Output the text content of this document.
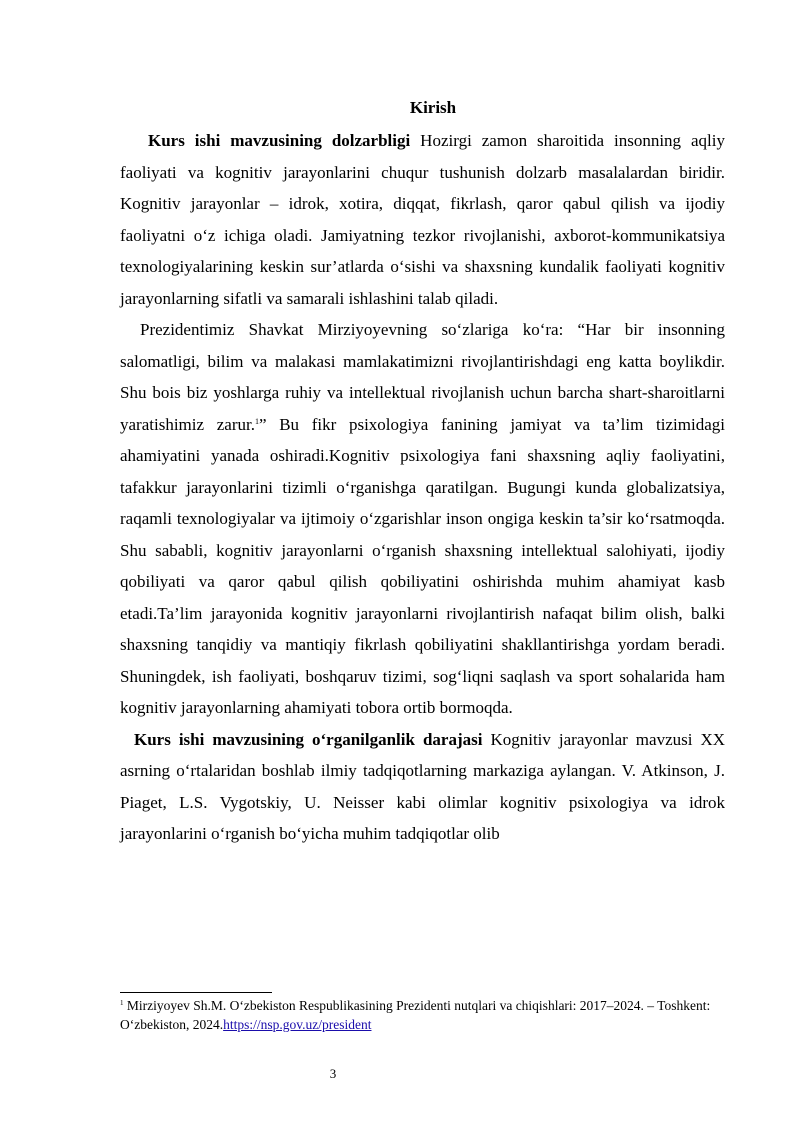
Kirish

Kurs ishi mavzusining dolzarbligi Hozirgi zamon sharoitida insonning aqliy faoliyati va kognitiv jarayonlarini chuqur tushunish dolzarb masalalardan biridir. Kognitiv jarayonlar – idrok, xotira, diqqat, fikrlash, qaror qabul qilish va ijodiy faoliyatni o‘z ichiga oladi. Jamiyatning tezkor rivojlanishi, axborot-kommunikatsiya texnologiyalarining keskin sur’atlarda o‘sishi va shaxsning kundalik faoliyati kognitiv jarayonlarning sifatli va samarali ishlashini talab qiladi.

Prezidentimiz Shavkat Mirziyoyevning so‘zlariga ko‘ra: “Har bir insonning salomatligi, bilim va malakasi mamlakatimizni rivojlantirishdagi eng katta boylikdir. Shu bois biz yoshlarga ruhiy va intellektual rivojlanish uchun barcha shart-sharoitlarni yaratishimiz zarur.$^1$” Bu fikr psixologiya fanining jamiyat va ta’lim tizimidagi ahamiyatini yanada oshiradi.Kognitiv psixologiya fani shaxsning aqliy faoliyatini, tafakkur jarayonlarini tizimli o‘rganishga qaratilgan. Bugungi kunda globalizatsiya, raqamli texnologiyalar va ijtimoiy o‘zgarishlar inson ongiga keskin ta’sir ko‘rsatmoqda. Shu sababli, kognitiv jarayonlarni o‘rganish shaxsning intellektual salohiyati, ijodiy qobiliyati va qaror qabul qilish qobiliyatini oshirishda muhim ahamiyat kasb etadi.Ta’lim jarayonida kognitiv jarayonlarni rivojlantirish nafaqat bilim olish, balki shaxsning tanqidiy va mantiqiy fikrlash qobiliyatini shakllantirishga yordam beradi. Shuningdek, ish faoliyati, boshqaruv tizimi, sog‘liqni saqlash va sport sohalarida ham kognitiv jarayonlarning ahamiyati tobora ortib bormoqda.

Kurs ishi mavzusining o‘rganilganlik darajasi Kognitiv jarayonlar mavzusi XX asrning o‘rtalaridan boshlab ilmiy tadqiqotlarning markaziga aylangan. V. Atkinson, J. Piaget, L.S. Vygotskiy, U. Neisser kabi olimlar kognitiv psixologiya va idrok jarayonlarini o‘rganish bo‘yicha muhim tadqiqotlar olib

$^1$ Mirziyoyev Sh.M. O‘zbekiston Respublikasining Prezidenti nutqlari va chiqishlari: 2017–2024. – Toshkent: O‘zbekiston, 2024.https://nsp.gov.uz/president
3
